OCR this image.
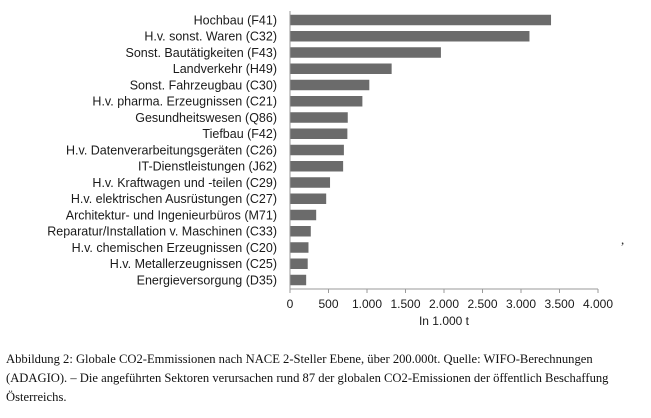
Hochbau (F41)
H.v. sonst. Waren (C32)
Sonst. Bautätigkeiten (F43)
Landverkehr (H49)
Sonst. Fahrzeugbau (C30)
H.v. pharma. Erzeugnissen (C21)
Gesundheitswesen (Q86)
Tiefbau (F42)
H.v. Datenverarbeitungsgeräten (C26)
IT-Dienstleistungen (J62)
H.v. Kraftwagen und -teilen (C29)
H.v. elektrischen Ausrüstungen (C27)
Architektur- und Ingenieurbüros (M71)
Reparatur/Installation v. Maschinen (C33)
H.v. chemischen Erzeugnissen (C20)
H.v. Metallerzeugnissen (C25)
Energieversorgung (D35)
0 500 1.000 1.500 2.000 2.500 3.000 3.500 4.000
In 1.000 t
,

Abbildung 2: Globale CO2-Emmissionen nach NACE 2-Steller Ebene, über 200.000t. Quelle: WIFO-Berechnungen (ADAGIO). – Die angeführten Sektoren verursachen rund 87 der globalen CO2-Emissionen der öffentlich Beschaffung Österreichs.
